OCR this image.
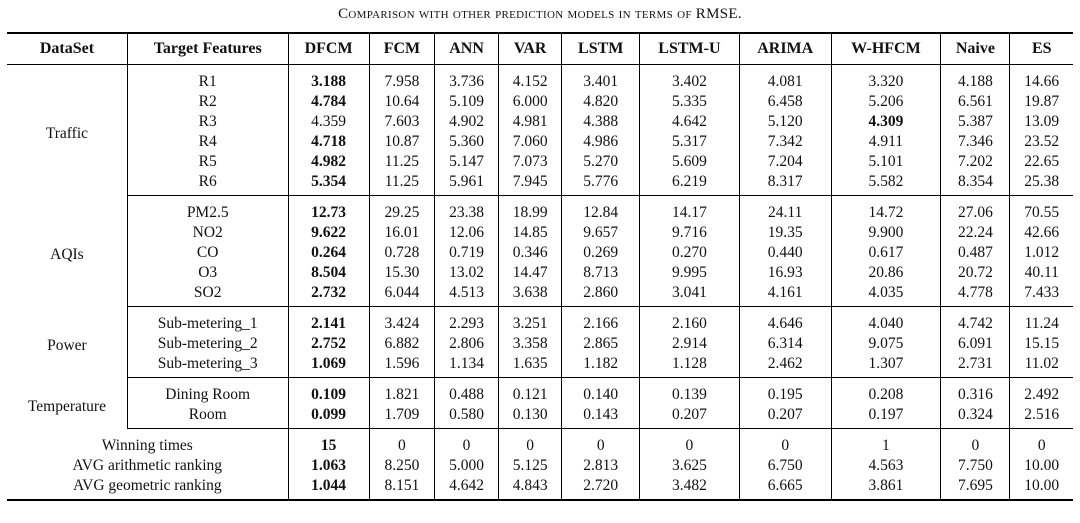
Comparison with other prediction models in terms of RMSE.
DataSet	Target Features	DFCM	FCM	ANN	VAR	LSTM	LSTM-U	ARIMA	W-HFCM	Naive	ES
Traffic	R1	3.188	7.958	3.736	4.152	3.401	3.402	4.081	3.320	4.188	14.66
	R2	4.784	10.64	5.109	6.000	4.820	5.335	6.458	5.206	6.561	19.87
	R3	4.359	7.603	4.902	4.981	4.388	4.642	5.120	4.309	5.387	13.09
	R4	4.718	10.87	5.360	7.060	4.986	5.317	7.342	4.911	7.346	23.52
	R5	4.982	11.25	5.147	7.073	5.270	5.609	7.204	5.101	7.202	22.65
	R6	5.354	11.25	5.961	7.945	5.776	6.219	8.317	5.582	8.354	25.38
AQIs	PM2.5	12.73	29.25	23.38	18.99	12.84	14.17	24.11	14.72	27.06	70.55
	NO2	9.622	16.01	12.06	14.85	9.657	9.716	19.35	9.900	22.24	42.66
	CO	0.264	0.728	0.719	0.346	0.269	0.270	0.440	0.617	0.487	1.012
	O3	8.504	15.30	13.02	14.47	8.713	9.995	16.93	20.86	20.72	40.11
	SO2	2.732	6.044	4.513	3.638	2.860	3.041	4.161	4.035	4.778	7.433
Power	Sub-metering_1	2.141	3.424	2.293	3.251	2.166	2.160	4.646	4.040	4.742	11.24
	Sub-metering_2	2.752	6.882	2.806	3.358	2.865	2.914	6.314	9.075	6.091	15.15
	Sub-metering_3	1.069	1.596	1.134	1.635	1.182	1.128	2.462	1.307	2.731	11.02
Temperature	Dining Room	0.109	1.821	0.488	0.121	0.140	0.139	0.195	0.208	0.316	2.492
	Room	0.099	1.709	0.580	0.130	0.143	0.207	0.207	0.197	0.324	2.516
Winning times		15	0	0	0	0	0	0	1	0	0
AVG arithmetic ranking		1.063	8.250	5.000	5.125	2.813	3.625	6.750	4.563	7.750	10.00
AVG geometric ranking		1.044	8.151	4.642	4.843	2.720	3.482	6.665	3.861	7.695	10.00
